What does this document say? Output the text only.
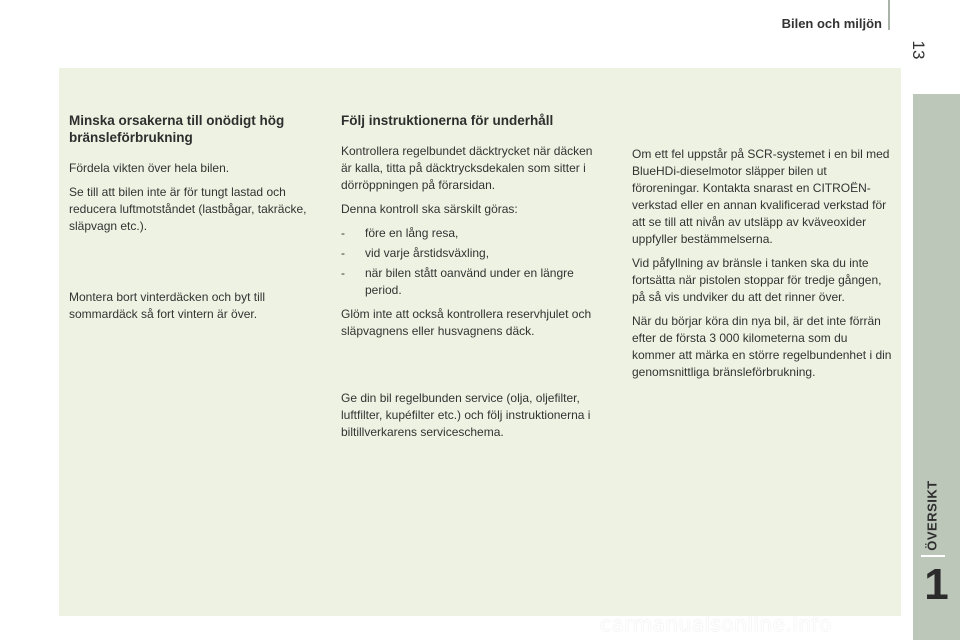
Bilen och miljön
13
Minska orsakerna till onödigt hög bränsleförbrukning

Fördela vikten över hela bilen.

Se till att bilen inte är för tungt lastad och reducera luftmotståndet (lastbågar, takräcke, släpvagn etc.).

Montera bort vinterdäcken och byt till sommardäck så fort vintern är över.

Följ instruktionerna för underhåll

Kontrollera regelbundet däcktrycket när däcken är kalla, titta på däcktrycksdekalen som sitter i dörröppningen på förarsidan.

Denna kontroll ska särskilt göras:

- före en lång resa,
- vid varje årstidsväxling,
- när bilen stått oanvänd under en längre period.

Glöm inte att också kontrollera reservhjulet och släpvagnens eller husvagnens däck.

Ge din bil regelbunden service (olja, oljefilter, luftfilter, kupéfilter etc.) och följ instruktionerna i biltillverkarens serviceschema.

Om ett fel uppstår på SCR-systemet i en bil med BlueHDi-dieselmotor släpper bilen ut föroreningar. Kontakta snarast en CITROËN-verkstad eller en annan kvalificerad verkstad för att se till att nivån av utsläpp av kväveoxider uppfyller bestämmelserna.

Vid påfyllning av bränsle i tanken ska du inte fortsätta när pistolen stoppar för tredje gången, på så vis undviker du att det rinner över.

När du börjar köra din nya bil, är det inte förrän efter de första 3 000 kilometerna som du kommer att märka en större regelbundenhet i din genomsnittliga bränsleförbrukning.

ÖVERSIKT
1
carmanualsonline.info
